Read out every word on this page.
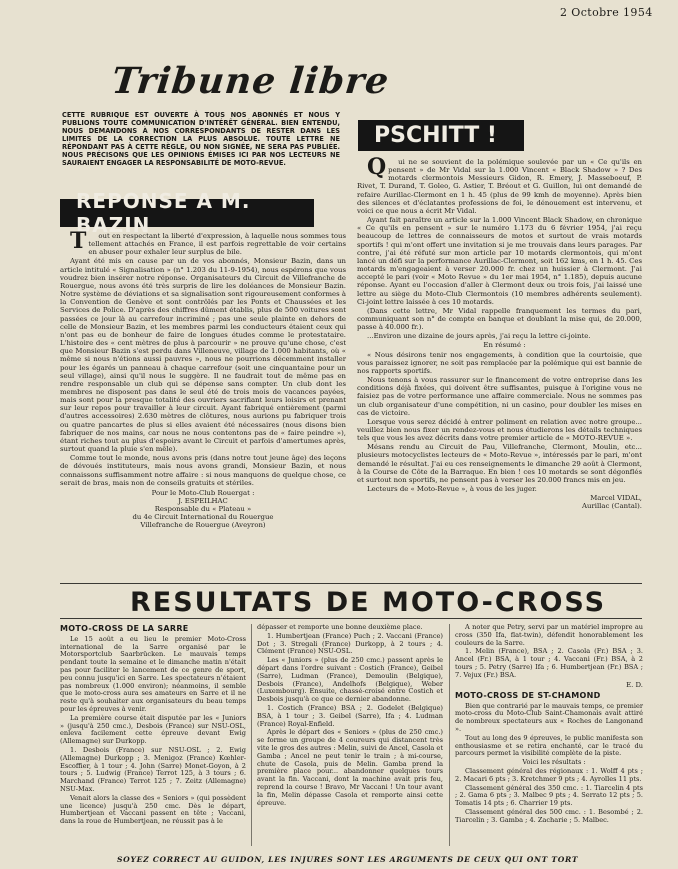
2 Octobre 1954
Tribune libre
CETTE RUBRIQUE EST OUVERTE À TOUS NOS ABONNÉS ET NOUS Y PUBLIONS TOUTE COMMUNICATION D'INTÉRÊT GÉNÉRAL. BIEN ENTENDU, NOUS DEMANDONS À NOS CORRESPONDANTS DE RESTER DANS LES LIMITES DE LA CORRECTION LA PLUS ABSOLUE. TOUTE LETTRE NE RÉPONDANT PAS À CETTE RÈGLE, OU NON SIGNÉE, NE SERA PAS PUBLIÉE. NOUS PRÉCISONS QUE LES OPINIONS ÉMISES ICI PAR NOS LECTEURS NE SAURAIENT ENGAGER LA RESPONSABILITÉ DE MOTO-REVUE.
REPONSE A M. BAZIN

Tout en respectant la liberté d'expression, à laquelle nous sommes tous tellement attachés en France, il est parfois regrettable de voir certains en abuser pour exhaler leur surplus de bile.

Ayant été mis en cause par un de vos abonnés, Monsieur Bazin, dans un article intitulé « Signalisation » (n° 1.203 du 11-9-1954), nous espérons que vous voudrez bien insérer notre réponse. Organisateurs du Circuit de Villefranche de Rouergue, nous avons été très surpris de lire les doléances de Monsieur Bazin. Notre système de déviations et sa signalisation sont rigoureusement conformes à la Convention de Genève et sont contrôlés par les Ponts et Chaussées et les Services de Police. D'après des chiffres dûment établis, plus de 500 voitures sont passées ce jour là au carrefour incriminé ; pas une seule plainte en dehors de celle de Monsieur Bazin, et les membres parmi les conducteurs étaient ceux qui n'ont pas eu de bonheur de faire de longues études comme le protestataire. L'histoire des « cent mètres de plus à parcourir » ne prouve qu'une chose, c'est que Monsieur Bazin s'est perdu dans Villeneuve, village de 1.000 habitants, où « même si nous n'étions aussi pauvres », nous ne pourrions décemment installer pour les égarés un panneau à chaque carrefour (soit une cinquantaine pour un seul village), ainsi qu'il nous le suggère. Il ne faudrait tout de même pas en rendre responsable un club qui se dépense sans compter. Un club dont les membres ne disposent pas dans le seul été de trois mois de vacances payées, mais sont pour la presque totalité des ouvriers sacrifiant leurs loisirs et prenant sur leur repos pour travailler à leur circuit. Ayant fabriqué entièrement (parmi d'autres accessoires) 2.630 mètres de clôtures, nous aurions pu fabriquer trois ou quatre pancartes de plus si elles avaient été nécessaires (nous disons bien fabriquer de nos mains, car nous ne nous contentons pas de « faire peindre »), étant riches tout au plus d'espoirs avant le Circuit et parfois d'amertumes après, surtout quand la pluie s'en mêle).

Comme tout le monde, nous avons pris (dans notre tout jeune âge) des leçons de dévoués instituteurs, mais nous avons grandi, Monsieur Bazin, et nous connaissons suffisamment notre affaire : si nous manquons de quelque chose, ce serait de bras, mais non de conseils gratuits et stériles.

Pour le Moto-Club Rouergat :
J. ESPEILHAC
Responsable du « Plateau »
du 4e Circuit International du Rouergue
Villefranche de Rouergue (Aveyron)
PSCHITT !

Qui ne se souvient de la polémique soulevée par un « Ce qu'ils en pensent » de Mr Vidal sur la 1.000 Vincent « Black Shadow » ? Des motards clermontois Messieurs Gidon, R. Emery, J. Masseboeuf, P. Rivet, T. Durand, T. Goleo, G. Astier, T. Bréout et G. Guillon, lui ont demandé de refaire Aurillac-Clermont en 1 h. 45 (plus de 99 kmh de moyenne). Après bien des silences et d'éclatantes professions de foi, le dénouement est intervenu, et voici ce que nous a écrit Mr Vidal.

Ayant fait paraître un article sur la 1.000 Vincent Black Shadow, en chronique « Ce qu'ils en pensent » sur le numéro 1.173 du 6 février 1954, j'ai reçu beaucoup de lettres de connaisseurs de motos et surtout de vrais motards sportifs ! qui m'ont offert une invitation si je me trouvais dans leurs parages. Par contre, j'ai été réfuté sur mon article par 10 motards clermontois, qui m'ont lancé un défi sur la performance Aurillac-Clermont, soit 162 kms, en 1 h. 45. Ces motards m'engageaient à verser 20.000 fr. chez un huissier à Clermont. J'ai accepté le pari (voir « Moto Revue » du 1er mai 1954, n° 1.185), depuis aucune réponse. Ayant eu l'occasion d'aller à Clermont deux ou trois fois, j'ai laissé une lettre au siège du Moto-Club Clermontois (10 membres adhérents seulement). Ci-joint lettre laissée à ces 10 motards.

(Dans cette lettre, Mr Vidal rappelle franquement les termes du pari, communiquant son n° de compte en banque et doublant la mise qui, de 20.000, passe à 40.000 fr.).

...Environ une dizaine de jours après, j'ai reçu la lettre ci-jointe.

En résumé :

« Nous désirons tenir nos engagements, à condition que la courtoisie, que vous paraissez ignorer, ne soit pas remplacée par la polémique qui est bannie de nos rapports sportifs.

Nous tenons à vous rassurer sur le financement de votre entreprise dans les conditions déjà fixées, qui doivent être suffisantes, puisque à l'origine vous ne faisiez pas de votre performance une affaire commerciale. Nous ne sommes pas un club organisateur d'une compétition, ni un casino, pour doubler les mises en cas de victoire.

Lorsque vous serez décidé à entrer poliment en relation avec notre groupe... veuillez bien nous fixer un rendez-vous et nous étudierons les détails techniques tels que vous les avez décrits dans votre premier article de « MOTO-REVUE ».

Mésans rendu au Circuit de Pau, Villefranche, Clermont, Moulin, etc... plusieurs motocyclistes lecteurs de « Moto-Revue », intéressés par le pari, m'ont demandé le résultat. J'ai eu ces renseignements le dimanche 29 août à Clermont, à la Course de Côte de la Barraque. En bien ! ces 10 motards se sont dégonflés et surtout non sportifs, ne pensent pas à verser les 20.000 francs mis en jeu.

Lecteurs de « Moto-Revue », à vous de les juger.

Marcel VIDAL,
Aurillac (Cantal).
RESULTATS DE MOTO-CROSS
MOTO-CROSS DE LA SARRE

Le 15 août a eu lieu le premier Moto-Cross international de la Sarre organisé par le Motorsportclub Saarbrücken. Le mauvais temps pendant toute la semaine et le dimanche matin n'était pas pour faciliter le lancement de ce genre de sport, peu connu jusqu'ici en Sarre. Les spectateurs n'étaient pas nombreux (1.000 environ); néanmoins, il semble que le moto-cross aura ses amateurs en Sarre et il ne reste qu'à souhaiter aux organisateurs du beau temps pour les épreuves à venir.

La première course était disputée par les « Juniors » (jusqu'à 250 cmc.), Desbois (France) sur NSU-OSL, enleva facilement cette épreuve devant Ewig (Allemagne) sur Durkopp.

1. Desbois (France) sur NSU-OSL ; 2. Ewig (Allemagne) Durkopp ; 3. Menigoz (France) Kœhler-Escoffier, à 1 tour ; 4. John (Sarre) Monet-Goyon, à 2 tours ; 5. Ludwig (France) Terrot 125, à 3 tours ; 6. Marchand (France) Terrot 125 ; 7. Zeitz (Allemagne) NSU-Max.

Venait alors la classe des « Seniors » (qui possèdent une licence) jusqu'à 250 cmc. Dès le départ, Humbertjean et Vaccani passent en tête ; Vaccani, dans la roue de Humbertjean, ne réussit pas à le

dépasser et remporte une bonne deuxième place.

1. Humbertjean (France) Puch ; 2. Vaccani (France) Dot ; 3. Stregali (France) Durkopp, à 2 tours ; 4. Clément (France) NSU-OSL.

Les « Juniors » (plus de 250 cmc.) passent après le départ dans l'ordre suivant : Costich (France), Geibel (Sarre), Ludman (France), Demoulin (Belgique), Desbois (France), Andelhofs (Belgique), Weber (Luxembourg). Ensuite, chassé-croisé entre Costich et Desbois jusqu'à ce que ce dernier abandonne.

1. Costich (France) BSA ; 2. Godelet (Belgique) BSA, à 1 tour ; 3. Geibel (Sarre), Ifa ; 4. Ludman (France) Royal-Enfield.

Après le départ des « Seniors » (plus de 250 cmc.) se forme un groupe de 4 coureurs qui distancent très vite le gros des autres : Melin, suivi de Ancel, Casola et Gamba ; Ancel ne peut tenir le train ; à mi-course, chute de Casola, puis de Melin. Gamba prend la première place pour... abandonner quelques tours avant la fin. Vaccani, dont la machine avait pris feu, reprend la course ! Bravo, Mr Vaccani ! Un tour avant la fin, Melin dépasse Casola et remporte ainsi cette épreuve.

A noter que Petry, servi par un matériel impropre au cross (350 Ifa, flat-twin), défendit honorablement les couleurs de la Sarre.

1. Melin (France), BSA ; 2. Casola (Fr.) BSA ; 3. Ancel (Fr.) BSA, à 1 tour ; 4. Vaccani (Fr.) BSA, à 2 tours ; 5. Petry (Sarre) Ifa ; 6. Humbertjean (Fr.) BSA ; 7. Vejux (Fr.) BSA.

E. D.
MOTO-CROSS DE ST-CHAMOND

Bien que contrarié par le mauvais temps, ce premier moto-cross du Moto-Club Saint-Chamonais avait attiré de nombreux spectateurs aux « Roches de Langonand ».

Tout au long des 9 épreuves, le public manifesta son enthousiasme et se retira enchanté, car le tracé du parcours permet la visibilité complète de la piste.

Voici les résultats :

Classement général des régionaux : 1. Wolff 4 pts ; 2. Macari 6 pts ; 3. Kretchmer 9 pts ; 4. Ayrolles 11 pts.

Classement général des 350 cmc. : 1. Tiarcelin 4 pts ; 2. Gama 6 pts ; 3. Malbec 9 pts ; 4. Serrato 12 pts ; 5. Tomatis 14 pts ; 6. Charrier 19 pts.

Classement général des 500 cmc. : 1. Besombé ; 2. Tiarcelin ; 3. Gamba ; 4. Zacharie ; 5. Malbec.

SOYEZ CORRECT AU GUIDON, LES INJURES SONT LES ARGUMENTS DE CEUX QUI ONT TORT
